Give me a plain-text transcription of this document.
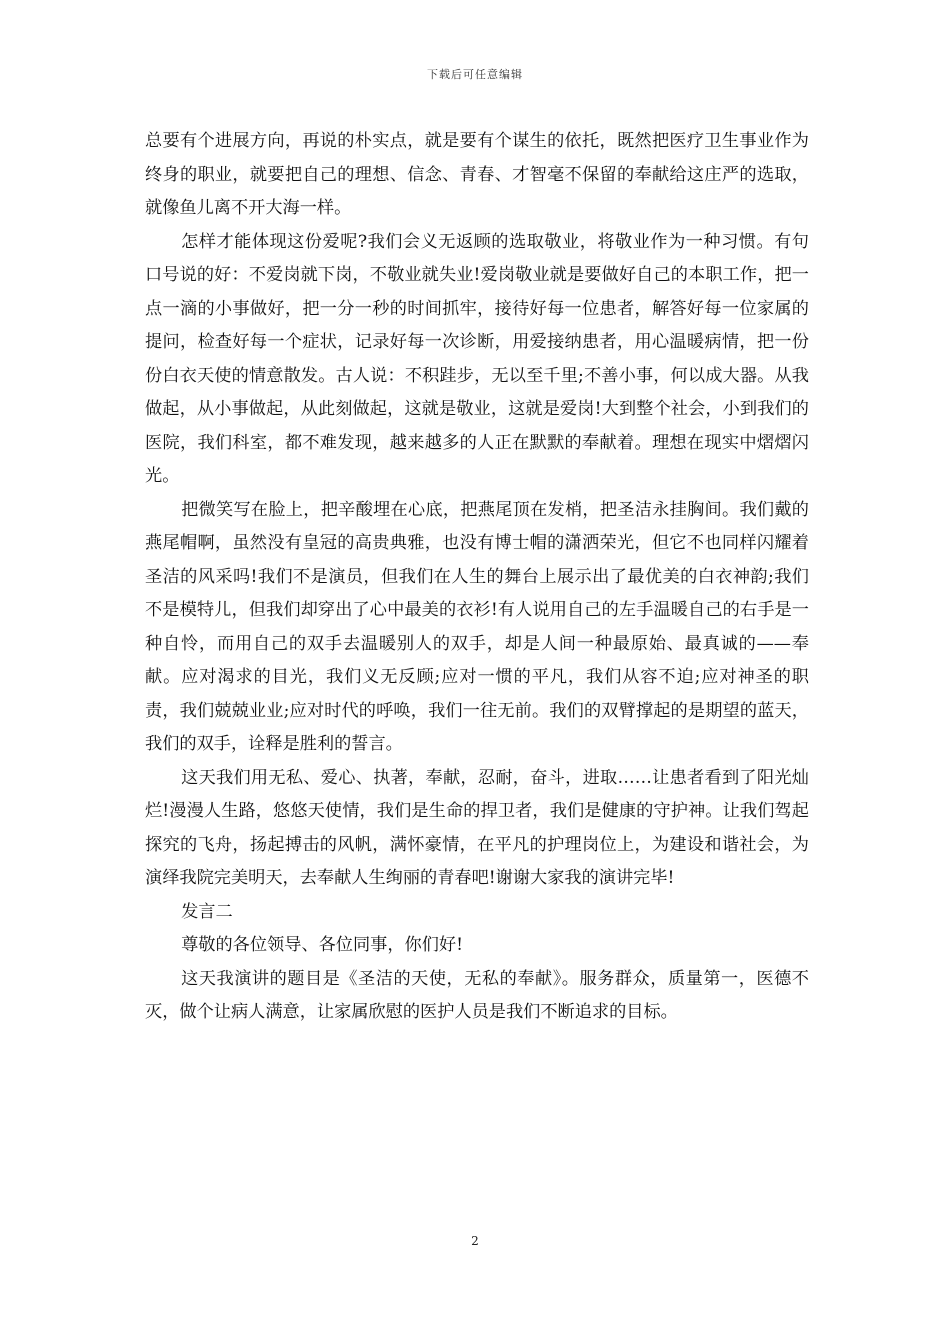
下载后可任意编辑

总要有个进展方向，再说的朴实点，就是要有个谋生的依托，既然把医疗卫生事业作为终身的职业，就要把自己的理想、信念、青春、才智毫不保留的奉献给这庄严的选取，就像鱼儿离不开大海一样。

怎样才能体现这份爱呢?我们会义无返顾的选取敬业，将敬业作为一种习惯。有句口号说的好：不爱岗就下岗，不敬业就失业!爱岗敬业就是要做好自己的本职工作，把一点一滴的小事做好，把一分一秒的时间抓牢，接待好每一位患者，解答好每一位家属的提问，检查好每一个症状，记录好每一次诊断，用爱接纳患者，用心温暖病情，把一份份白衣天使的情意散发。古人说：不积跬步，无以至千里;不善小事，何以成大器。从我做起，从小事做起，从此刻做起，这就是敬业，这就是爱岗!大到整个社会，小到我们的医院，我们科室，都不难发现，越来越多的人正在默默的奉献着。理想在现实中熠熠闪光。

把微笑写在脸上，把辛酸埋在心底，把燕尾顶在发梢，把圣洁永挂胸间。我们戴的燕尾帽啊，虽然没有皇冠的高贵典雅，也没有博士帽的潇洒荣光，但它不也同样闪耀着圣洁的风采吗!我们不是演员，但我们在人生的舞台上展示出了最优美的白衣神韵;我们不是模特儿，但我们却穿出了心中最美的衣衫!有人说用自己的左手温暖自己的右手是一种自怜，而用自己的双手去温暖别人的双手，却是人间一种最原始、最真诚的——奉献。应对渴求的目光，我们义无反顾;应对一惯的平凡，我们从容不迫;应对神圣的职责，我们兢兢业业;应对时代的呼唤，我们一往无前。我们的双臂撑起的是期望的蓝天，我们的双手，诠释是胜利的誓言。

这天我们用无私、爱心、执著，奉献，忍耐，奋斗，进取……让患者看到了阳光灿烂!漫漫人生路，悠悠天使情，我们是生命的捍卫者，我们是健康的守护神。让我们驾起探究的飞舟，扬起搏击的风帆，满怀豪情，在平凡的护理岗位上，为建设和谐社会，为演绎我院完美明天，去奉献人生绚丽的青春吧!谢谢大家我的演讲完毕!

发言二

尊敬的各位领导、各位同事，你们好!

这天我演讲的题目是《圣洁的天使，无私的奉献》。服务群众，质量第一，医德不灭，做个让病人满意，让家属欣慰的医护人员是我们不断追求的目标。

2
